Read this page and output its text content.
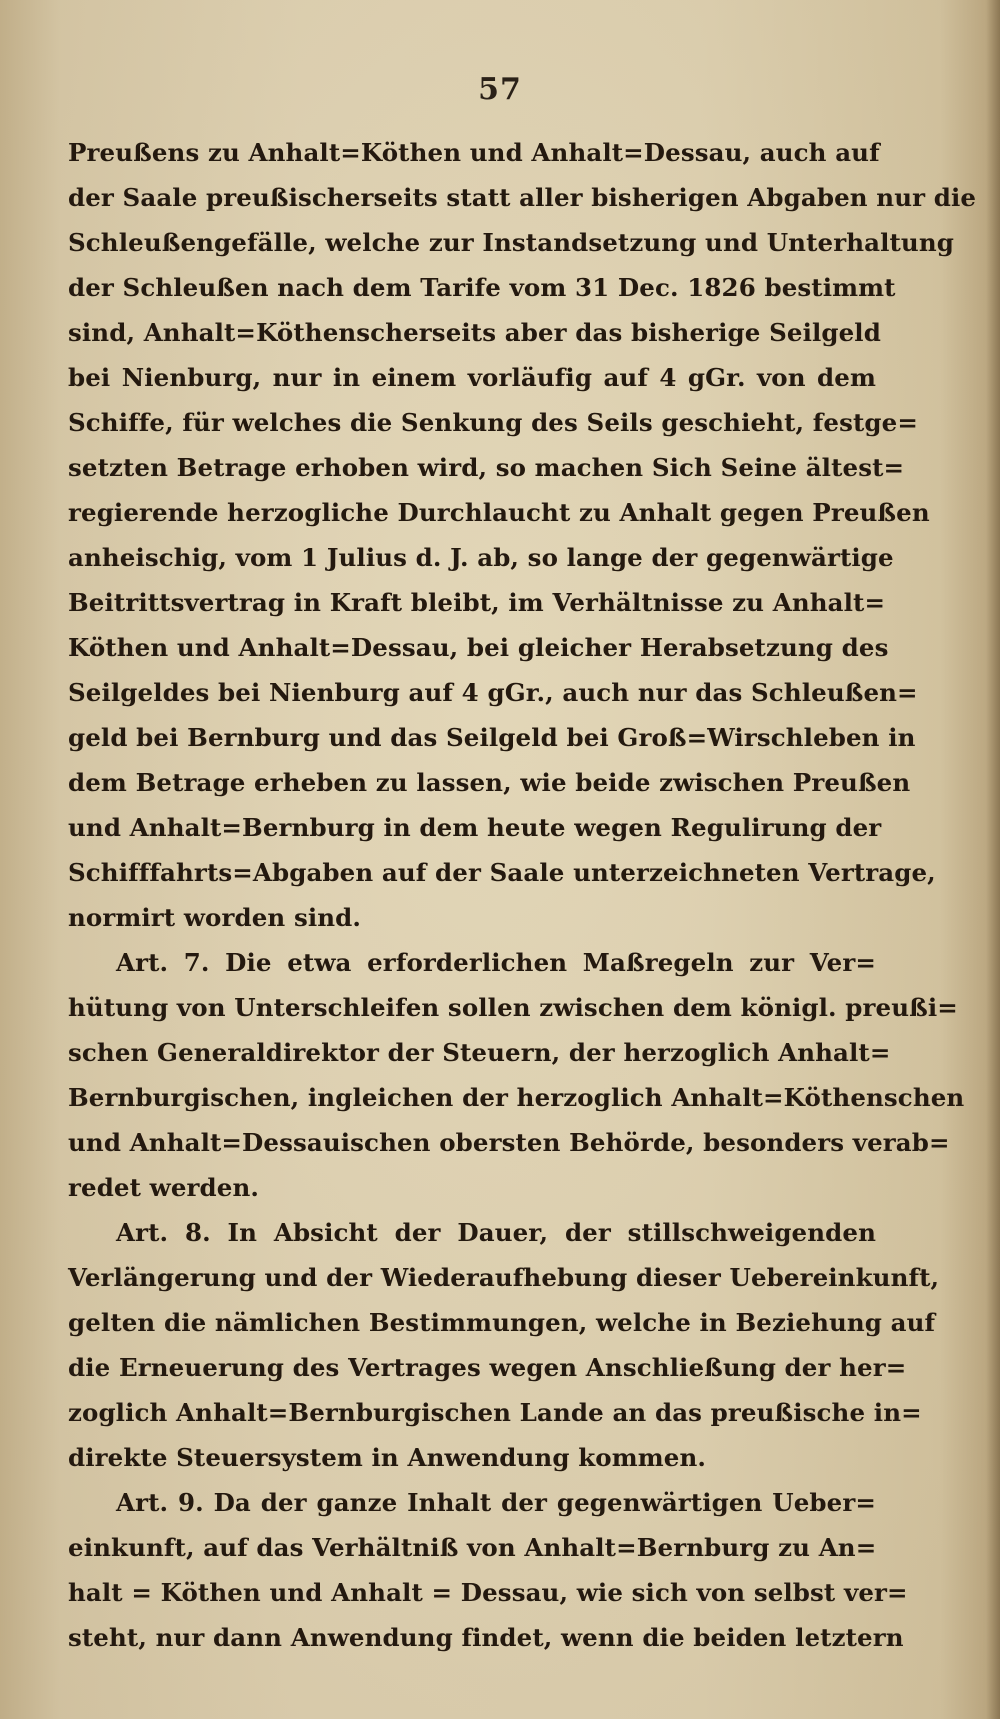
57
Preußens zu Anhalt=Köthen und Anhalt=Dessau, auch auf
der Saale preußischerseits statt aller bisherigen Abgaben nur die
Schleußengefälle, welche zur Instandsetzung und Unterhaltung
der Schleußen nach dem Tarife vom 31 Dec. 1826 bestimmt
sind, Anhalt=Köthenscherseits aber das bisherige Seilgeld
bei Nienburg, nur in einem vorläufig auf 4 gGr. von dem
Schiffe, für welches die Senkung des Seils geschieht, festge=
setzten Betrage erhoben wird, so machen Sich Seine ältest=
regierende herzogliche Durchlaucht zu Anhalt gegen Preußen
anheischig, vom 1 Julius d. J. ab, so lange der gegenwärtige
Beitrittsvertrag in Kraft bleibt, im Verhältnisse zu Anhalt=
Köthen und Anhalt=Dessau, bei gleicher Herabsetzung des
Seilgeldes bei Nienburg auf 4 gGr., auch nur das Schleußen=
geld bei Bernburg und das Seilgeld bei Groß=Wirschleben in
dem Betrage erheben zu lassen, wie beide zwischen Preußen
und Anhalt=Bernburg in dem heute wegen Regulirung der
Schifffahrts=Abgaben auf der Saale unterzeichneten Vertrage,
normirt worden sind.
Art. 7. Die etwa erforderlichen Maßregeln zur Ver=
hütung von Unterschleifen sollen zwischen dem königl. preußi=
schen Generaldirektor der Steuern, der herzoglich Anhalt=
Bernburgischen, ingleichen der herzoglich Anhalt=Köthenschen
und Anhalt=Dessauischen obersten Behörde, besonders verab=
redet werden.
Art. 8. In Absicht der Dauer, der stillschweigenden
Verlängerung und der Wiederaufhebung dieser Uebereinkunft,
gelten die nämlichen Bestimmungen, welche in Beziehung auf
die Erneuerung des Vertrages wegen Anschließung der her=
zoglich Anhalt=Bernburgischen Lande an das preußische in=
direkte Steuersystem in Anwendung kommen.
Art. 9. Da der ganze Inhalt der gegenwärtigen Ueber=
einkunft, auf das Verhältniß von Anhalt=Bernburg zu An=
halt = Köthen und Anhalt = Dessau, wie sich von selbst ver=
steht, nur dann Anwendung findet, wenn die beiden letztern
